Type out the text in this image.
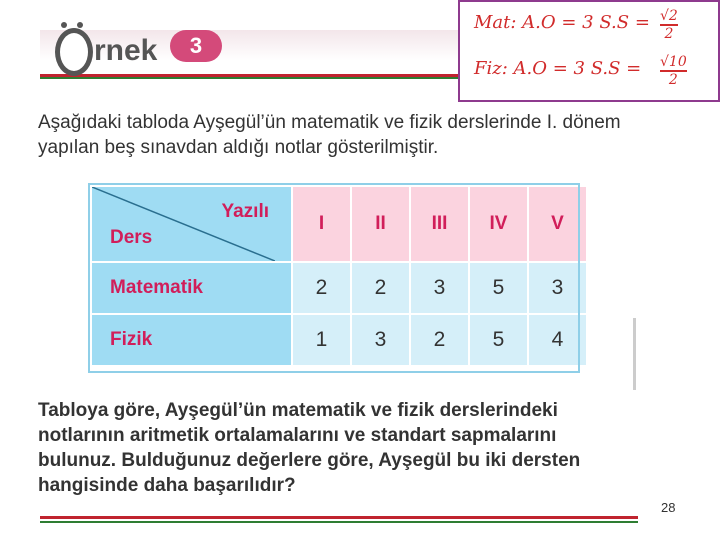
rnek	3
Mat: A.O = 3 $S.S = \frac{√2}{2}$
Fiz: A.O = 3 $S.S = \frac{√10}{2}$
Aşağıdaki tabloda Ayşegül’ün matematik ve fizik derslerinde I. dönem yapılan beş sınavdan aldığı notlar gösterilmiştir.
Yazılı
Ders	I	II	III	IV	V
Matematik	2	2	3	5	3
Fizik	1	3	2	5	4
Tabloya göre, Ayşegül’ün matematik ve fizik derslerindeki notlarının aritmetik ortalamalarını ve standart sapmalarını bulunuz. Bulduğunuz değerlere göre, Ayşegül bu iki dersten hangisinde daha başarılıdır?
28
